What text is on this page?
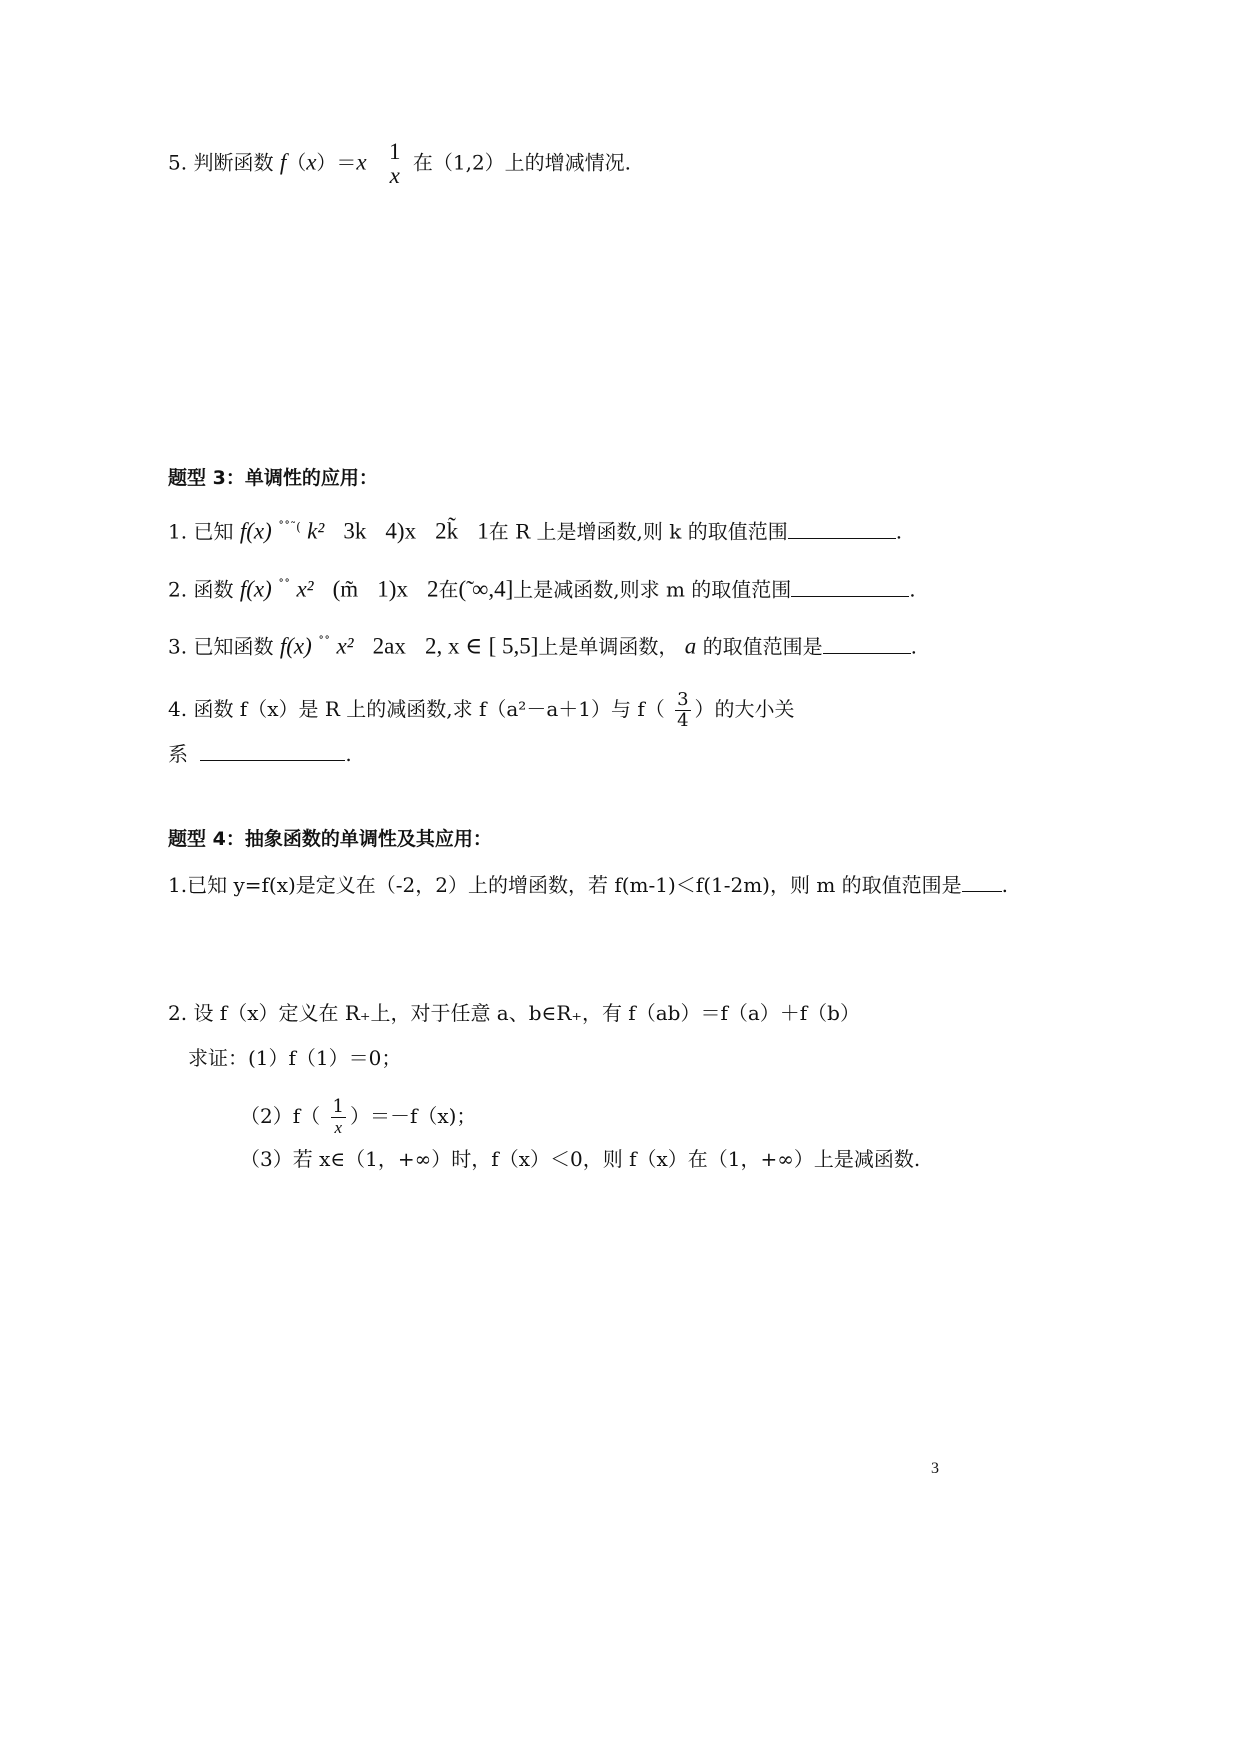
5. 判断函数 f（x）＝x 1
x
在（1,2）上的增减情况.
题型 3：单调性的应用：
1. 已知 f(x) ˚˚˜( k² 3k 4)x 2k̃ 1在 R 上是增函数,则 k 的取值范围	.
2. 函数 f(x) ˚˚ x² (m̃ 1)x 2在(̃ ∞,4]上是减函数,则求 m 的取值范围	.
3. 已知函数 f(x) ˚˚ x² 2ax 2, x ∈ [ 5,5]上是单调函数， a 的取值范围是	.
4. 函数 f（x）是 R 上的减函数,求 f（a²－a＋1）与 $f( \frac{3}{4}$ ）的大小关
系	.
题型 4：抽象函数的单调性及其应用：
1.已知 y=f(x)是定义在（-2，2）上的增函数，若 f(m-1)＜f(1-2m)，则 m 的取值范围是 .
2. 设 f（x）定义在 R₊上，对于任意 a、b∈R₊，有 f（ab）＝f（a）＋f（b）
求证：(1）f（1）＝0；
$(2)f( \frac{1}{x} )=-f(x)$；
（3）若 x∈（1，+∞）时，f（x）＜0，则 f（x）在（1，+∞）上是减函数.
3
